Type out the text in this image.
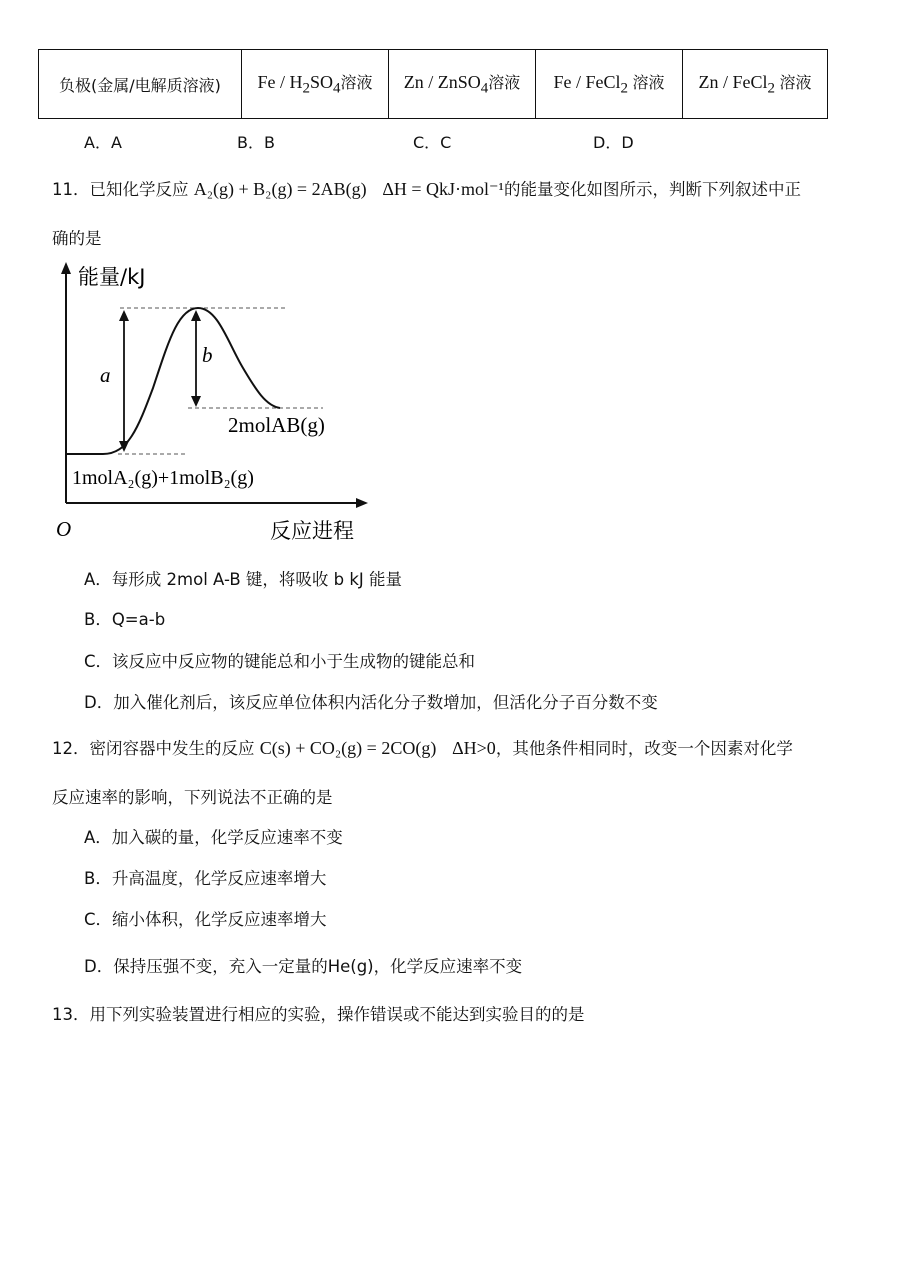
负极(金属/电解质溶液)	Fe / $H_2SO_4$溶液	Zn / ZnSO$_4$溶液	Fe / FeCl$_2$ 溶液	Zn / FeCl$_2$ 溶液
A．A	B．B	C．C	D．D
11．已知化学反应 A₂(g) + B₂(g) = 2AB(g) ΔH = QkJ·mol⁻¹的能量变化如图所示，判断下列叙述中正
确的是
能量/kJ
a
b
2molAB(g)
1molA₂(g)+1molB₂(g)
O	反应进程
A．每形成 2mol A-B 键，将吸收 b kJ 能量
B．Q=a-b
C．该反应中反应物的键能总和小于生成物的键能总和
D．加入催化剂后，该反应单位体积内活化分子数增加，但活化分子百分数不变
12．密闭容器中发生的反应 C(s) + CO₂(g) = 2CO(g) ΔH>0，其他条件相同时，改变一个因素对化学
反应速率的影响，下列说法不正确的是
A．加入碳的量，化学反应速率不变
B．升高温度，化学反应速率增大
C．缩小体积，化学反应速率增大
D．保持压强不变，充入一定量的He(g)，化学反应速率不变
13．用下列实验装置进行相应的实验，操作错误或不能达到实验目的的是
